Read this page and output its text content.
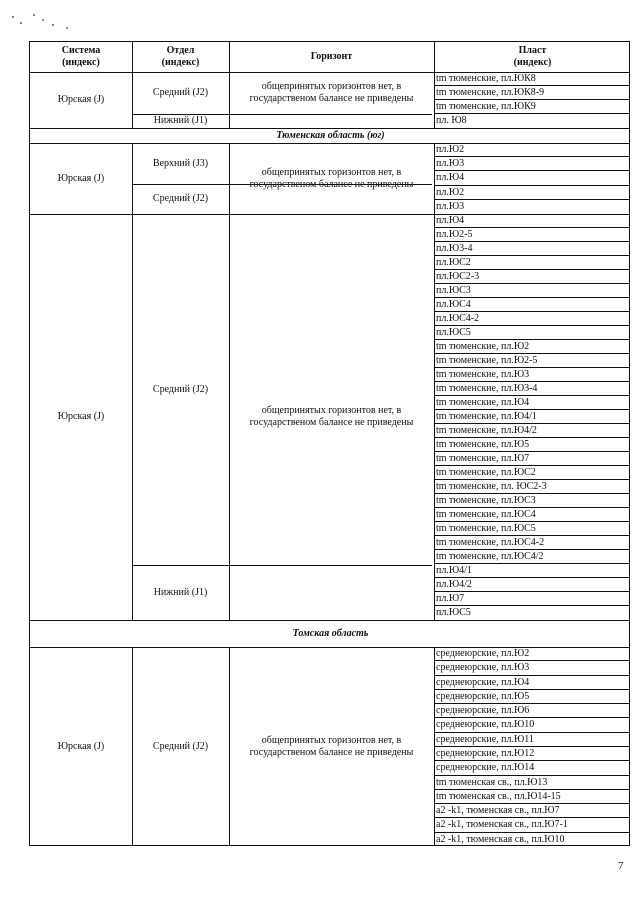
Система
(индекс)
Отдел
(индекс)
Горизонт
Пласт
(индекс)
Юрская (J)
Средний (J2)
Нижний (J1)
общепринятых горизонтов нет, в государственом балансе не приведены
tm тюменские, пл.ЮК8
tm тюменские, пл.ЮК8-9
tm тюменские, пл.ЮК9
пл. Ю8
Тюменская область (юг)
Юрская (J)
Верхний (J3)
Средний (J2)
общепринятых горизонтов нет, в государственом балансе не приведены
пл.Ю2
пл.Ю3
пл.Ю4
пл.Ю2
пл.Ю3
Юрская (J)
Средний (J2)
Нижний (J1)
общепринятых горизонтов нет, в государственом балансе не приведены
пл.Ю4
пл.Ю2-5
пл.Ю3-4
пл.ЮС2
пл.ЮС2-3
пл.ЮС3
пл.ЮС4
пл.ЮС4-2
пл.ЮС5
tm тюменские, пл.Ю2
tm тюменские, пл.Ю2-5
tm тюменские, пл.Ю3
tm тюменские, пл.Ю3-4
tm тюменские, пл.Ю4
tm тюменские, пл.Ю4/1
tm тюменские, пл.Ю4/2
tm тюменские, пл.Ю5
tm тюменские, пл.Ю7
tm тюменские, пл.ЮС2
tm тюменские, пл. ЮС2-3
tm тюменские, пл.ЮС3
tm тюменские, пл.ЮС4
tm тюменские, пл.ЮС5
tm тюменские, пл.ЮС4-2
tm тюменские, пл.ЮС4/2
пл.Ю4/1
пл.Ю4/2
пл.Ю7
пл.ЮС5
Томская область
Юрская (J)	Средний (J2)
общепринятых горизонтов нет, в государственом балансе не приведены
среднеюрские, пл.Ю2
среднеюрские, пл.Ю3
среднеюрские, пл.Ю4
среднеюрские, пл.Ю5
среднеюрские, пл.Ю6
среднеюрские, пл.Ю10
среднеюрские, пл.Ю11
среднеюрские, пл.Ю12
среднеюрские, пл.Ю14
tm тюменская св., пл.Ю13
tm тюменская св., пл.Ю14-15
a2 -k1, тюменская св., пл.Ю7
a2 -k1, тюменская св., пл.Ю7-1
a2 -k1, тюменская св., пл.Ю10
7
